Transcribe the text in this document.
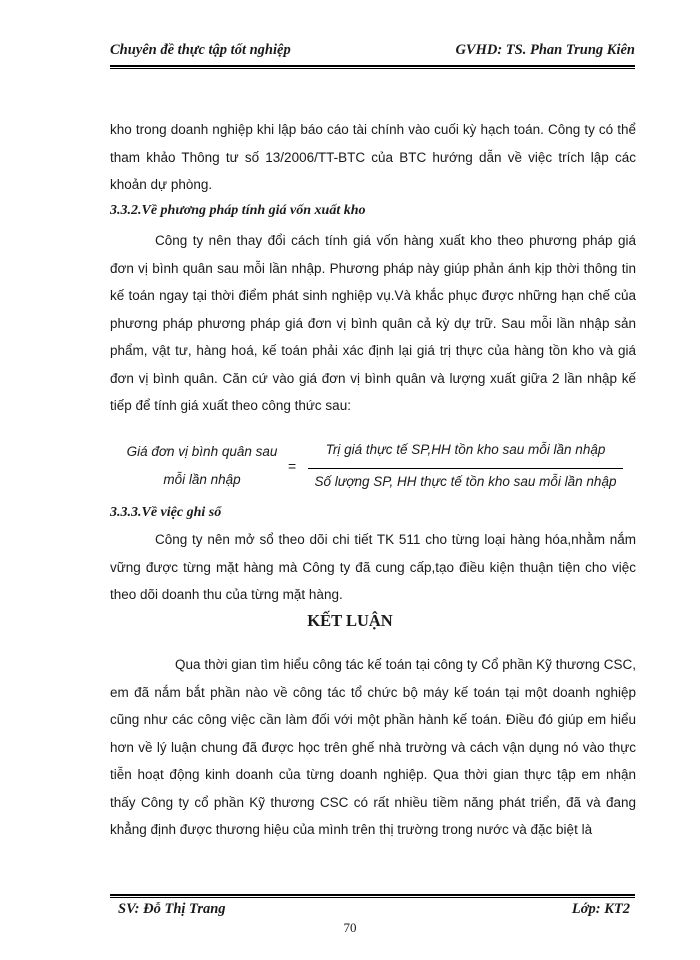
Chuyên đề thực tập tốt nghiệp	GVHD: TS. Phan Trung Kiên

kho trong doanh nghiệp khi lập báo cáo tài chính vào cuối kỳ hạch toán. Công ty có thể tham khảo Thông tư số 13/2006/TT-BTC của BTC hướng dẫn về việc trích lập các khoản dự phòng.

3.3.2.Về phương pháp tính giá vốn xuất kho

Công ty nên thay đổi cách tính giá vốn hàng xuất kho theo phương pháp giá đơn vị bình quân sau mỗi lần nhập. Phương pháp này giúp phản ánh kịp thời thông tin kế toán ngay tại thời điểm phát sinh nghiệp vụ.Và khắc phục được những hạn chế của phương pháp phương pháp giá đơn vị bình quân cả kỳ dự trữ. Sau mỗi lần nhập sản phẩm, vật tư, hàng hoá, kế toán phải xác định lại giá trị thực của hàng tồn kho và giá đơn vị bình quân. Căn cứ vào giá đơn vị bình quân và lượng xuất giữa 2 lần nhập kế tiếp để tính giá xuất theo công thức sau:

Giá đơn vị bình quân sau
mỗi lần nhập
=
Trị giá thực tế SP,HH tồn kho sau mỗi lần nhập
Số lượng SP, HH thực tế tồn kho sau mỗi lần nhập

3.3.3.Về việc ghi sổ

Công ty nên mở sổ theo dõi chi tiết TK 511 cho từng loại hàng hóa,nhằm nắm vững được từng mặt hàng mà Công ty đã cung cấp,tạo điều kiện thuận tiện cho việc theo dõi doanh thu của từng mặt hàng.

KẾT LUẬN

Qua thời gian tìm hiểu công tác kế toán tại công ty Cổ phần Kỹ thương CSC, em đã nắm bắt phần nào về công tác tổ chức bộ máy kế toán tại một doanh nghiệp cũng như các công việc cần làm đối với một phần hành kế toán. Điều đó giúp em hiểu hơn về lý luận chung đã được học trên ghế nhà trường và cách vận dụng nó vào thực tiễn hoạt động kinh doanh của từng doanh nghiệp. Qua thời gian thực tập em nhận thấy Công ty cổ phần Kỹ thương CSC có rất nhiều tiềm năng phát triển, đã và đang khẳng định được thương hiệu của mình trên thị trường trong nước và đặc biệt là

SV: Đỗ Thị Trang	Lớp: KT2
70
